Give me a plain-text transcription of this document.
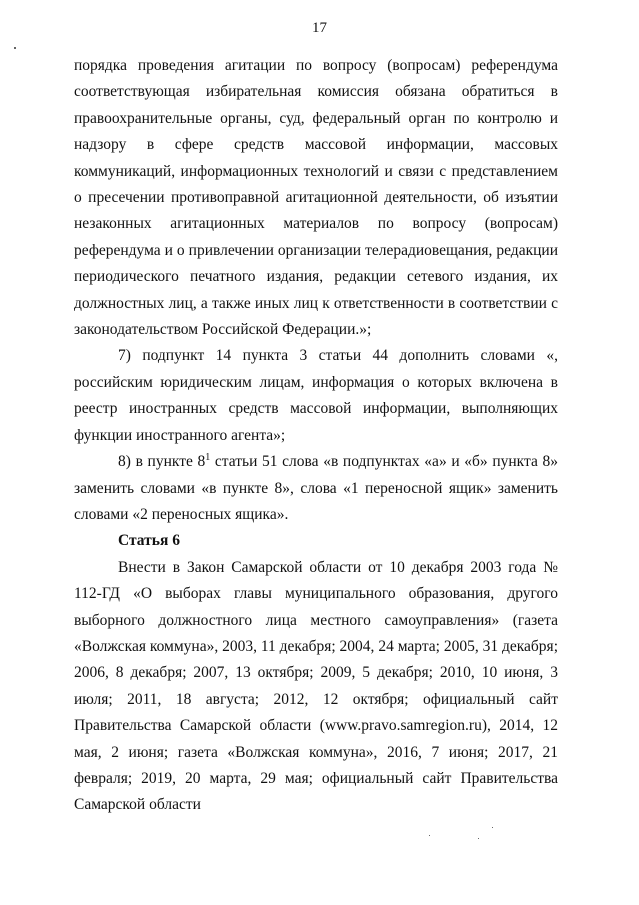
17

порядка проведения агитации по вопросу (вопросам) референдума соответствующая избирательная комиссия обязана обратиться в правоохранительные органы, суд, федеральный орган по контролю и надзору в сфере средств массовой информации, массовых коммуникаций, информационных технологий и связи с представлением о пресечении противоправной агитационной деятельности, об изъятии незаконных агитационных материалов по вопросу (вопросам) референдума и о привлечении организации телерадиовещания, редакции периодического печатного издания, редакции сетевого издания, их должностных лиц, а также иных лиц к ответственности в соответствии с законодательством Российской Федерации.»;

7) подпункт 14 пункта 3 статьи 44 дополнить словами «, российским юридическим лицам, информация о которых включена в реестр иностранных средств массовой информации, выполняющих функции иностранного агента»;

8) в пункте $8^1$ статьи 51 слова «в подпунктах «а» и «б» пункта 8» заменить словами «в пункте 8», слова «1 переносной ящик» заменить словами «2 переносных ящика».

Статья 6

Внести в Закон Самарской области от 10 декабря 2003 года № 112-ГД «О выборах главы муниципального образования, другого выборного должностного лица местного самоуправления» (газета «Волжская коммуна», 2003, 11 декабря; 2004, 24 марта; 2005, 31 декабря; 2006, 8 декабря; 2007, 13 октября; 2009, 5 декабря; 2010, 10 июня, 3 июля; 2011, 18 августа; 2012, 12 октября; официальный сайт Правительства Самарской области (www.pravo.samregion.ru), 2014, 12 мая, 2 июня; газета «Волжская коммуна», 2016, 7 июня; 2017, 21 февраля; 2019, 20 марта, 29 мая; официальный сайт Правительства Самарской области
